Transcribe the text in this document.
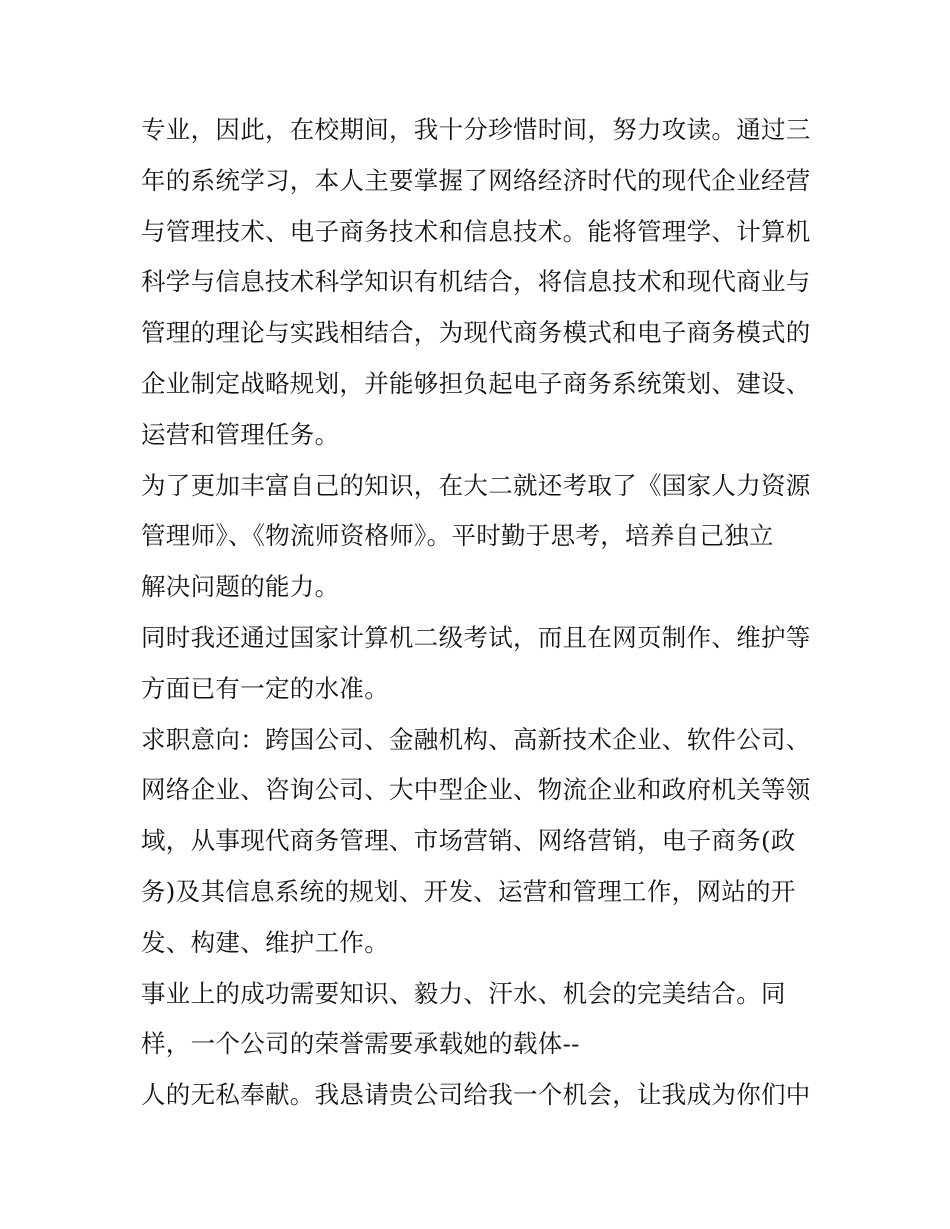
专业，因此，在校期间，我十分珍惜时间，努力攻读。通过三
年的系统学习，本人主要掌握了网络经济时代的现代企业经营
与管理技术、电子商务技术和信息技术。能将管理学、计算机
科学与信息技术科学知识有机结合，将信息技术和现代商业与
管理的理论与实践相结合，为现代商务模式和电子商务模式的
企业制定战略规划，并能够担负起电子商务系统策划、建设、
运营和管理任务。
为了更加丰富自己的知识，在大二就还考取了《国家人力资源
管理师》、《物流师资格师》。平时勤于思考，培养自己独立
解决问题的能力。
同时我还通过国家计算机二级考试，而且在网页制作、维护等
方面已有一定的水准。
求职意向：跨国公司、金融机构、高新技术企业、软件公司、
网络企业、咨询公司、大中型企业、物流企业和政府机关等领
域，从事现代商务管理、市场营销、网络营销，电子商务(政
务)及其信息系统的规划、开发、运营和管理工作，网站的开
发、构建、维护工作。
事业上的成功需要知识、毅力、汗水、机会的完美结合。同
样，一个公司的荣誉需要承载她的载体--
人的无私奉献。我恳请贵公司给我一个机会，让我成为你们中
